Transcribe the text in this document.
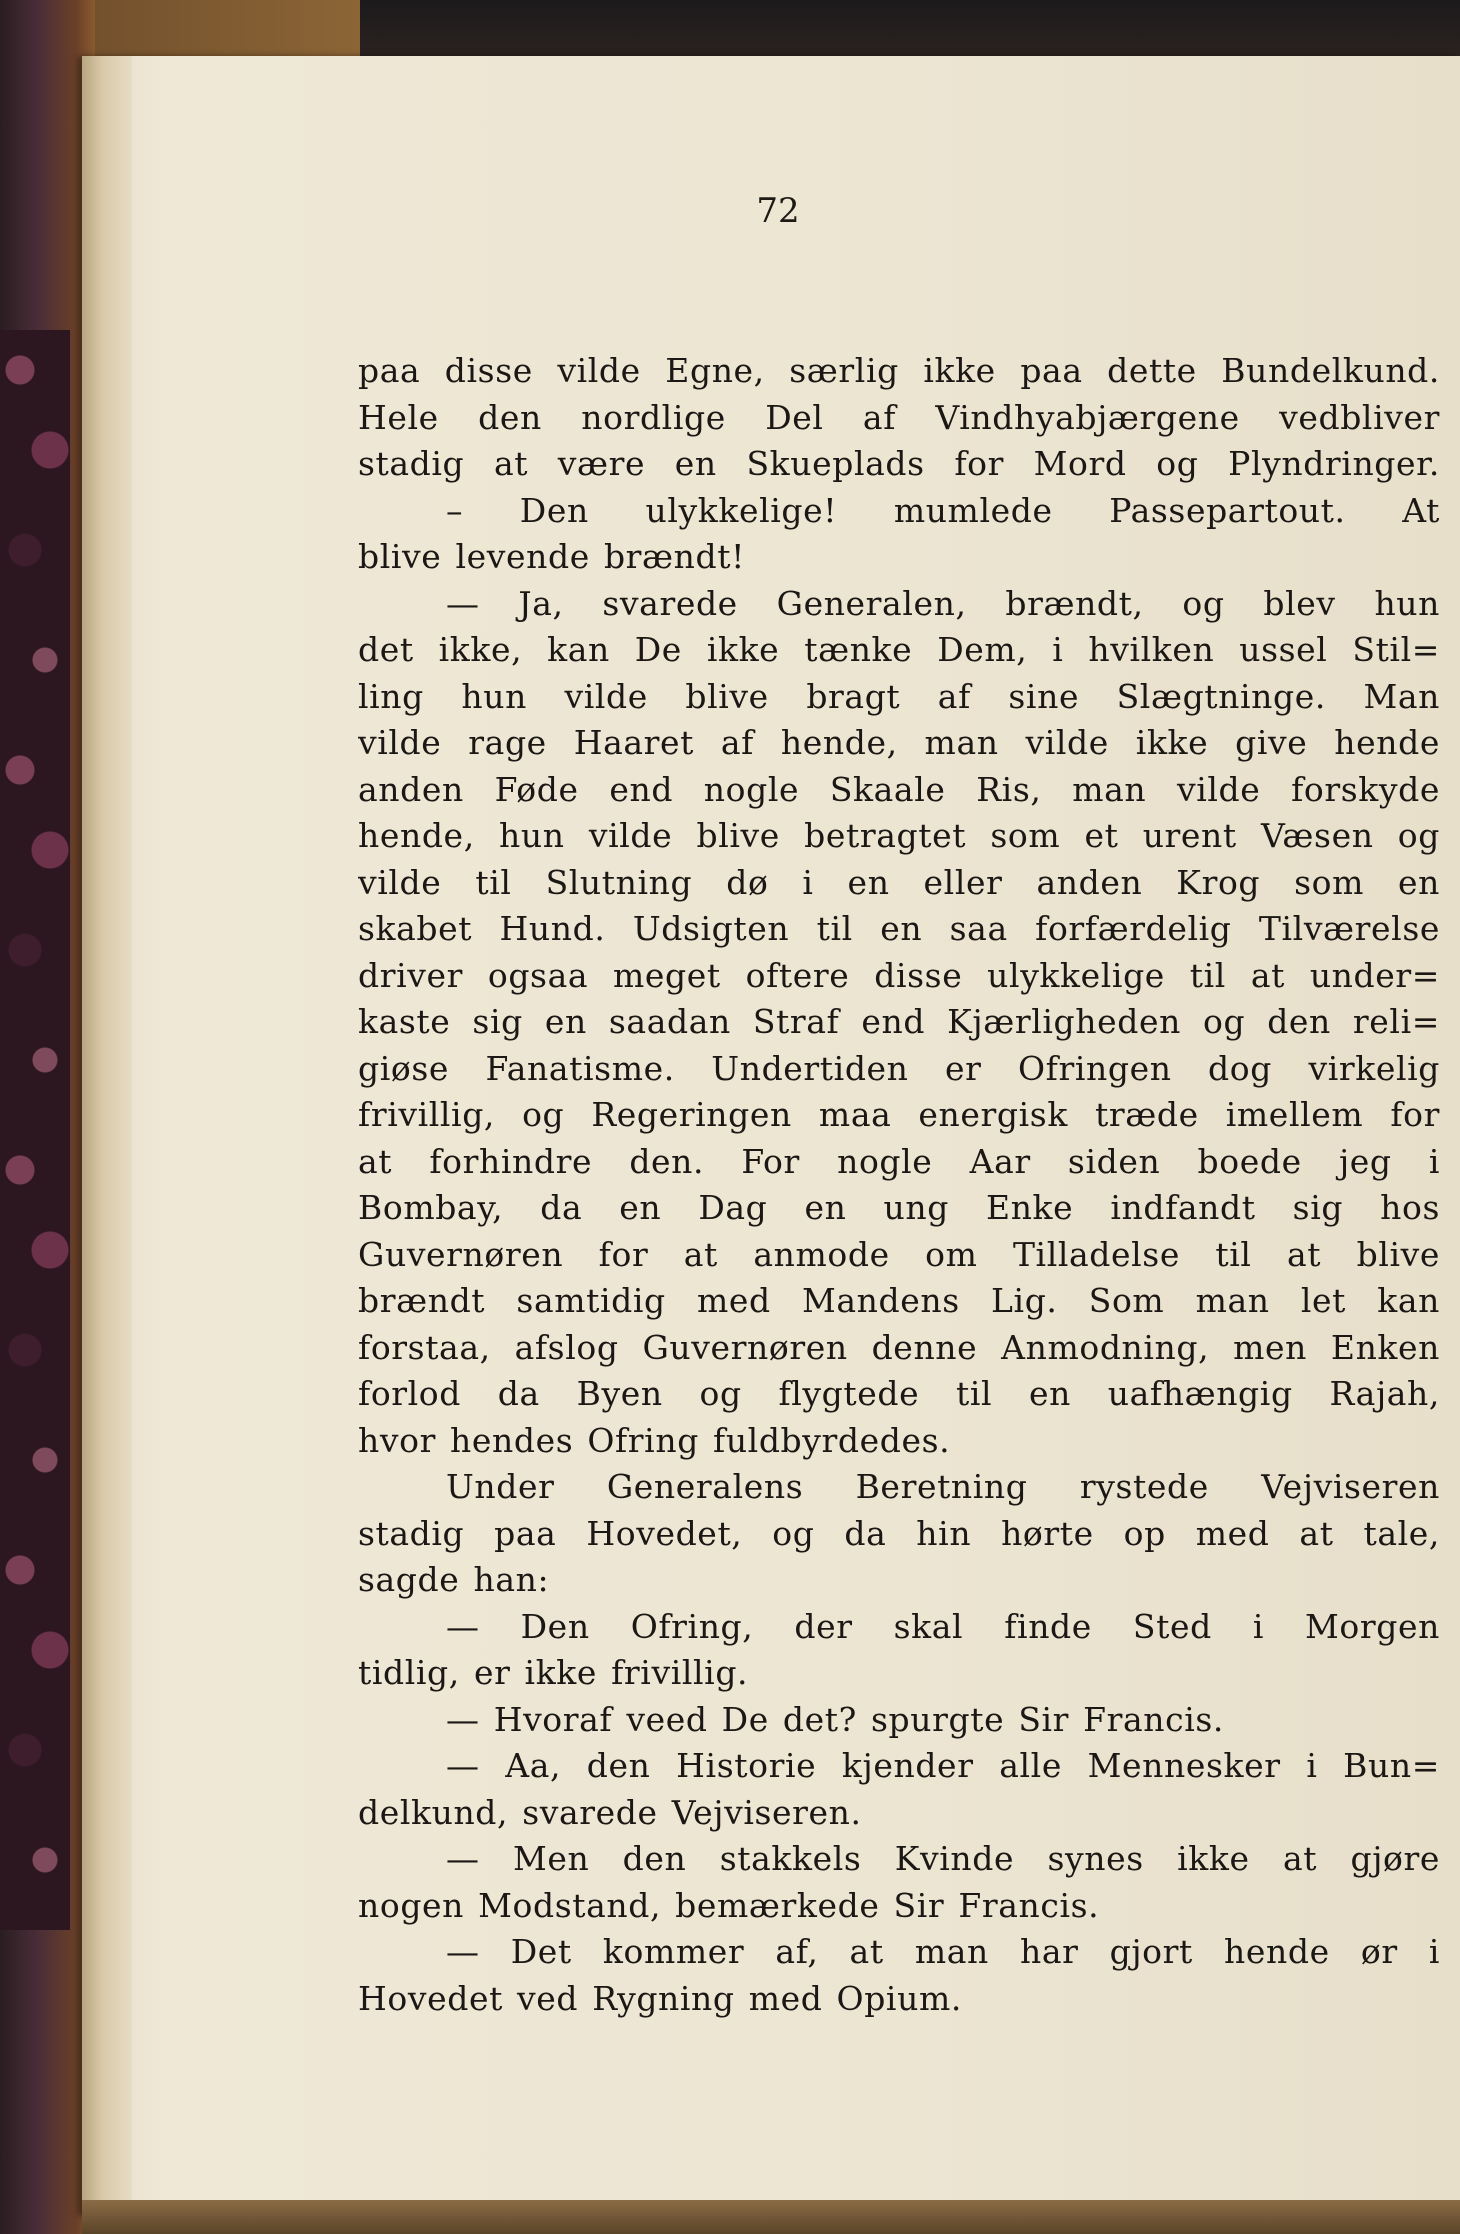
72
paa disse vilde Egne, særlig ikke paa dette Bundelkund.
Hele den nordlige Del af Vindhyabjærgene vedbliver
stadig at være en Skueplads for Mord og Plyndringer.
– Den ulykkelige! mumlede Passepartout. At
blive levende brændt!
— Ja, svarede Generalen, brændt, og blev hun
det ikke, kan De ikke tænke Dem, i hvilken ussel Stil=
ling hun vilde blive bragt af sine Slægtninge. Man
vilde rage Haaret af hende, man vilde ikke give hende
anden Føde end nogle Skaale Ris, man vilde forskyde
hende, hun vilde blive betragtet som et urent Væsen og
vilde til Slutning dø i en eller anden Krog som en
skabet Hund. Udsigten til en saa forfærdelig Tilværelse
driver ogsaa meget oftere disse ulykkelige til at under=
kaste sig en saadan Straf end Kjærligheden og den reli=
giøse Fanatisme. Undertiden er Ofringen dog virkelig
frivillig, og Regeringen maa energisk træde imellem for
at forhindre den. For nogle Aar siden boede jeg i
Bombay, da en Dag en ung Enke indfandt sig hos
Guvernøren for at anmode om Tilladelse til at blive
brændt samtidig med Mandens Lig. Som man let kan
forstaa, afslog Guvernøren denne Anmodning, men Enken
forlod da Byen og flygtede til en uafhængig Rajah,
hvor hendes Ofring fuldbyrdedes.
Under Generalens Beretning rystede Vejviseren
stadig paa Hovedet, og da hin hørte op med at tale,
sagde han:
— Den Ofring, der skal finde Sted i Morgen
tidlig, er ikke frivillig.
— Hvoraf veed De det? spurgte Sir Francis.
— Aa, den Historie kjender alle Mennesker i Bun=
delkund, svarede Vejviseren.
— Men den stakkels Kvinde synes ikke at gjøre
nogen Modstand, bemærkede Sir Francis.
— Det kommer af, at man har gjort hende ør i
Hovedet ved Rygning med Opium.
